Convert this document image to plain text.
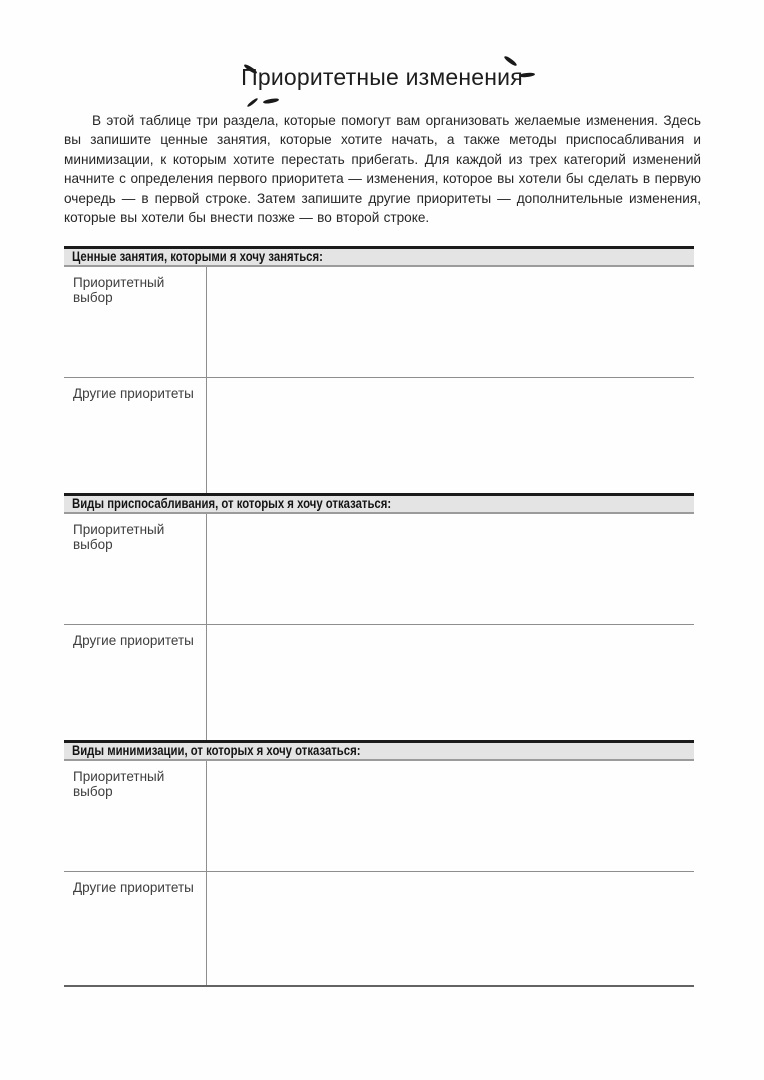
Приоритетные изменения

В этой таблице три раздела, которые помогут вам организовать желаемые изменения. Здесь вы запишите ценные занятия, которые хотите начать, а также методы приспосабливания и минимизации, к которым хотите перестать прибегать. Для каждой из трех категорий изменений начните с определения первого приоритета — изменения, которое вы хотели бы сделать в первую очередь — в первой строке. Затем запишите другие приоритеты — дополнительные изменения, которые вы хотели бы внести позже — во второй строке.

Ценные занятия, которыми я хочу заняться:
Приоритетный выбор
Другие приоритеты
Виды приспосабливания, от которых я хочу отказаться:
Приоритетный выбор
Другие приоритеты
Виды минимизации, от которых я хочу отказаться:
Приоритетный выбор
Другие приоритеты
